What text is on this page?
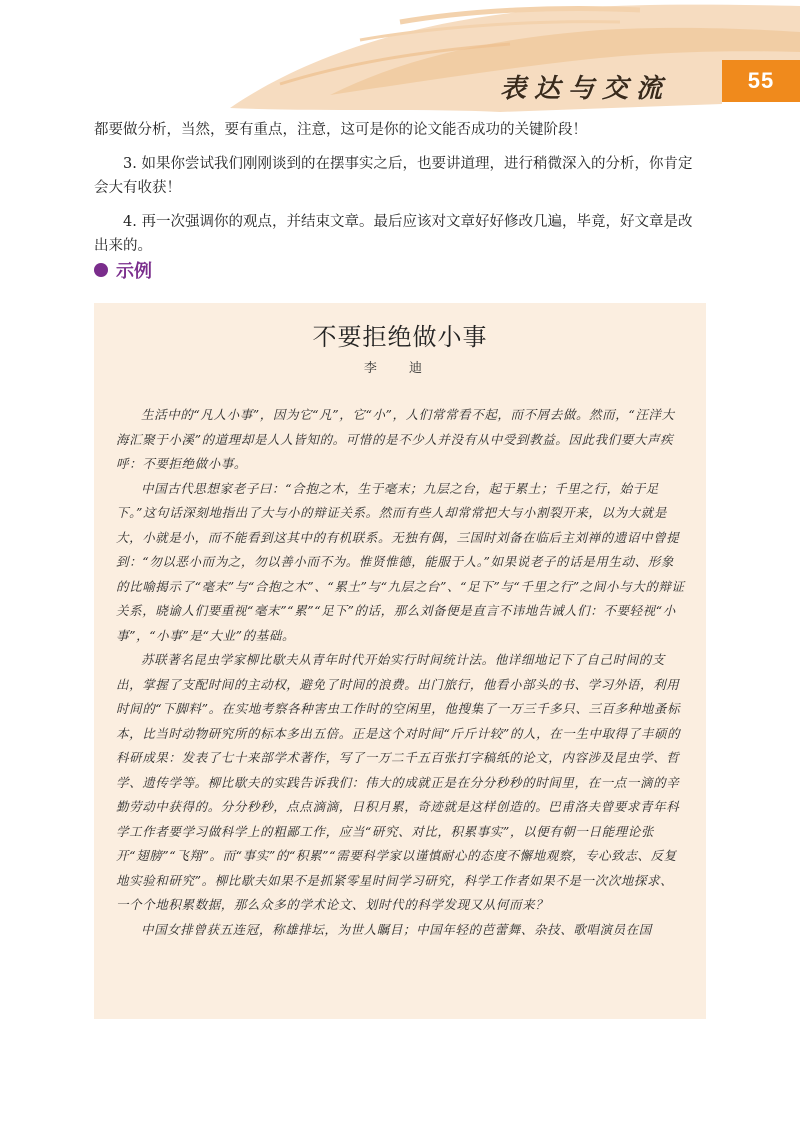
表达与交流	55

都要做分析，当然，要有重点，注意，这可是你的论文能否成功的关键阶段！

3. 如果你尝试我们刚刚谈到的在摆事实之后，也要讲道理，进行稍微深入的分析，你肯定会大有收获！

4. 再一次强调你的观点，并结束文章。最后应该对文章好好修改几遍，毕竟，好文章是改出来的。

示例
不要拒绝做小事
李 迪

生活中的“凡人小事”，因为它“凡”，它“小”，人们常常看不起，而不屑去做。然而，“汪洋大海汇聚于小溪”的道理却是人人皆知的。可惜的是不少人并没有从中受到教益。因此我们要大声疾呼：不要拒绝做小事。

中国古代思想家老子曰：“合抱之木，生于毫末；九层之台，起于累土；千里之行，始于足下。”这句话深刻地指出了大与小的辩证关系。然而有些人却常常把大与小割裂开来，以为大就是大，小就是小，而不能看到这其中的有机联系。无独有偶，三国时刘备在临后主刘禅的遗诏中曾提到：“勿以恶小而为之，勿以善小而不为。惟贤惟德，能服于人。”如果说老子的话是用生动、形象的比喻揭示了“毫末”与“合抱之木”、“累土”与“九层之台”、“足下”与“千里之行”之间小与大的辩证关系，晓谕人们要重视“毫末”“累”“足下”的话，那么刘备便是直言不讳地告诫人们：不要轻视“小事”，“小事”是“大业”的基础。

苏联著名昆虫学家柳比歇夫从青年时代开始实行时间统计法。他详细地记下了自己时间的支出，掌握了支配时间的主动权，避免了时间的浪费。出门旅行，他看小部头的书、学习外语，利用时间的“下脚料”。在实地考察各种害虫工作时的空闲里，他搜集了一万三千多只、三百多种地蚤标本，比当时动物研究所的标本多出五倍。正是这个对时间“斤斤计较”的人，在一生中取得了丰硕的科研成果：发表了七十来部学术著作，写了一万二千五百张打字稿纸的论文，内容涉及昆虫学、哲学、遗传学等。柳比歇夫的实践告诉我们：伟大的成就正是在分分秒秒的时间里，在一点一滴的辛勤劳动中获得的。分分秒秒，点点滴滴，日积月累，奇迹就是这样创造的。巴甫洛夫曾要求青年科学工作者要学习做科学上的粗鄙工作，应当“研究、对比，积累事实”，以便有朝一日能理论张开“翅膀”“飞翔”。而“事实”的“积累”“需要科学家以谨慎耐心的态度不懈地观察，专心致志、反复地实验和研究”。柳比歇夫如果不是抓紧零星时间学习研究，科学工作者如果不是一次次地探求、一个个地积累数据，那么众多的学术论文、划时代的科学发现又从何而来？

中国女排曾获五连冠，称雄排坛，为世人瞩目；中国年轻的芭蕾舞、杂技、歌唱演员在国
